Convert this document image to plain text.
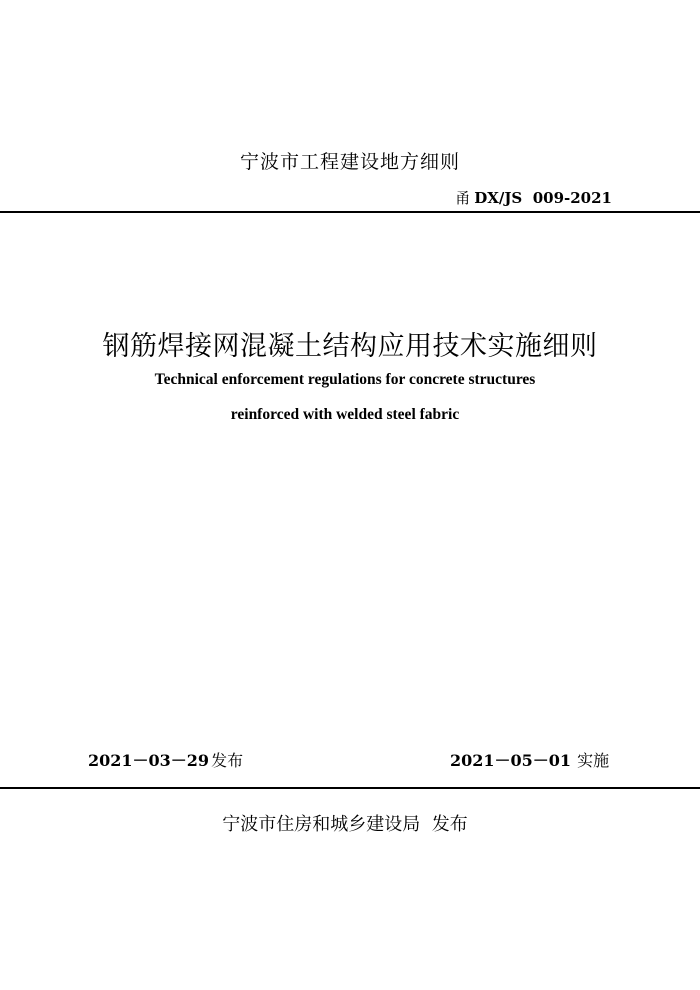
宁波市工程建设地方细则
甬 DX/JS  009-2021
钢筋焊接网混凝土结构应用技术实施细则
Technical enforcement regulations for concrete structures
reinforced with welded steel fabric
2021－03－29 发布	2021－05－01 实施
宁波市住房和城乡建设局  发布
